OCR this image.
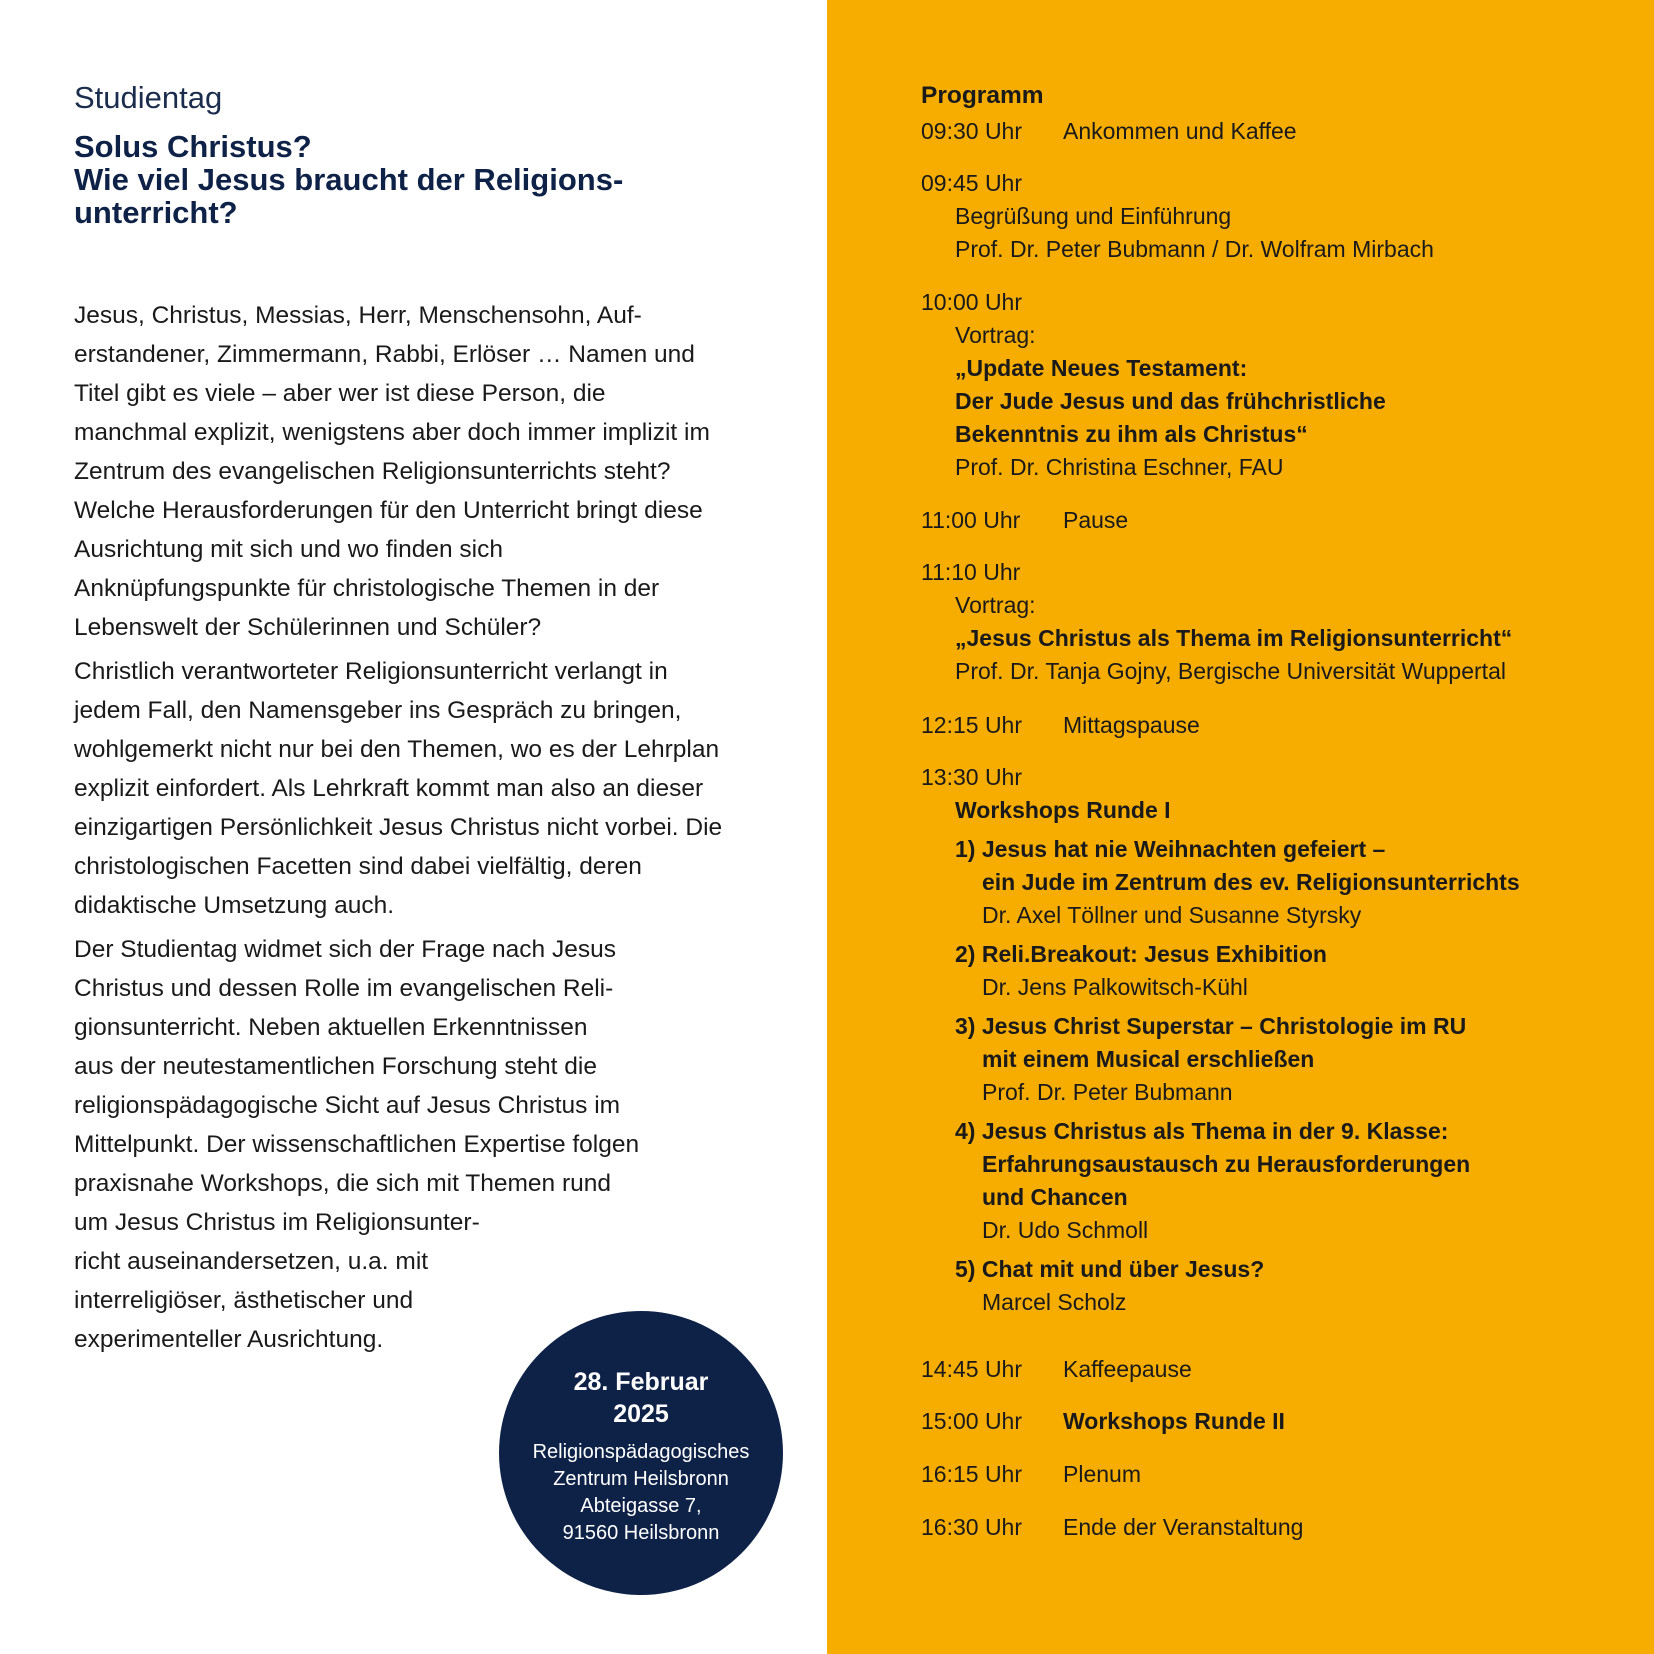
Studientag
Solus Christus?
Wie viel Jesus braucht der Religions-
unterricht?

Jesus, Christus, Messias, Herr, Menschensohn, Auferstandener, Zimmermann, Rabbi, Erlöser … Namen und Titel gibt es viele – aber wer ist diese Person, die manchmal explizit, wenigstens aber doch immer implizit im Zentrum des evangelischen Religionsunterrichts steht? Welche Herausforderungen für den Unterricht bringt diese Ausrichtung mit sich und wo finden sich Anknüpfungspunkte für christologische Themen in der Lebenswelt der Schülerinnen und Schüler?

Christlich verantworteter Religionsunterricht verlangt in jedem Fall, den Namensgeber ins Gespräch zu bringen, wohlgemerkt nicht nur bei den Themen, wo es der Lehrplan explizit einfordert. Als Lehrkraft kommt man also an dieser einzigartigen Persönlichkeit Jesus Christus nicht vorbei. Die christologischen Facetten sind dabei vielfältig, deren didaktische Umsetzung auch.

Der Studientag widmet sich der Frage nach Jesus
Christus und dessen Rolle im evangelischen Reli-
gionsunterricht. Neben aktuellen Erkenntnissen
aus der neutestamentlichen Forschung steht die
religionspädagogische Sicht auf Jesus Christus im
Mittelpunkt. Der wissenschaftlichen Expertise folgen
praxisnahe Workshops, die sich mit Themen rund
um Jesus Christus im Religionsunter-
richt auseinandersetzen, u.a. mit
interreligiöser, ästhetischer und
experimenteller Ausrichtung.
28. Februar
2025
Religionspädagogisches
Zentrum Heilsbronn
Abteigasse 7,
91560 Heilsbronn
Programm
09:30 Uhr	Ankommen und Kaffee
09:45 Uhr
Begrüßung und Einführung
Prof. Dr. Peter Bubmann / Dr. Wolfram Mirbach
10:00 Uhr
Vortrag:
„Update Neues Testament:
Der Jude Jesus und das frühchristliche
Bekenntnis zu ihm als Christus“
Prof. Dr. Christina Eschner, FAU
11:00 Uhr	Pause
11:10 Uhr
Vortrag:
„Jesus Christus als Thema im Religionsunterricht“
Prof. Dr. Tanja Gojny, Bergische Universität Wuppertal
12:15 Uhr	Mittagspause
13:30 Uhr
Workshops Runde I
1) Jesus hat nie Weihnachten gefeiert –
ein Jude im Zentrum des ev. Religionsunterrichts
Dr. Axel Töllner und Susanne Styrsky
2) Reli.Breakout: Jesus Exhibition
Dr. Jens Palkowitsch-Kühl
3) Jesus Christ Superstar – Christologie im RU
mit einem Musical erschließen
Prof. Dr. Peter Bubmann
4) Jesus Christus als Thema in der 9. Klasse:
Erfahrungsaustausch zu Herausforderungen
und Chancen
Dr. Udo Schmoll
5) Chat mit und über Jesus?
Marcel Scholz
14:45 Uhr	Kaffeepause
15:00 Uhr	Workshops Runde II
16:15 Uhr	Plenum
16:30 Uhr	Ende der Veranstaltung
